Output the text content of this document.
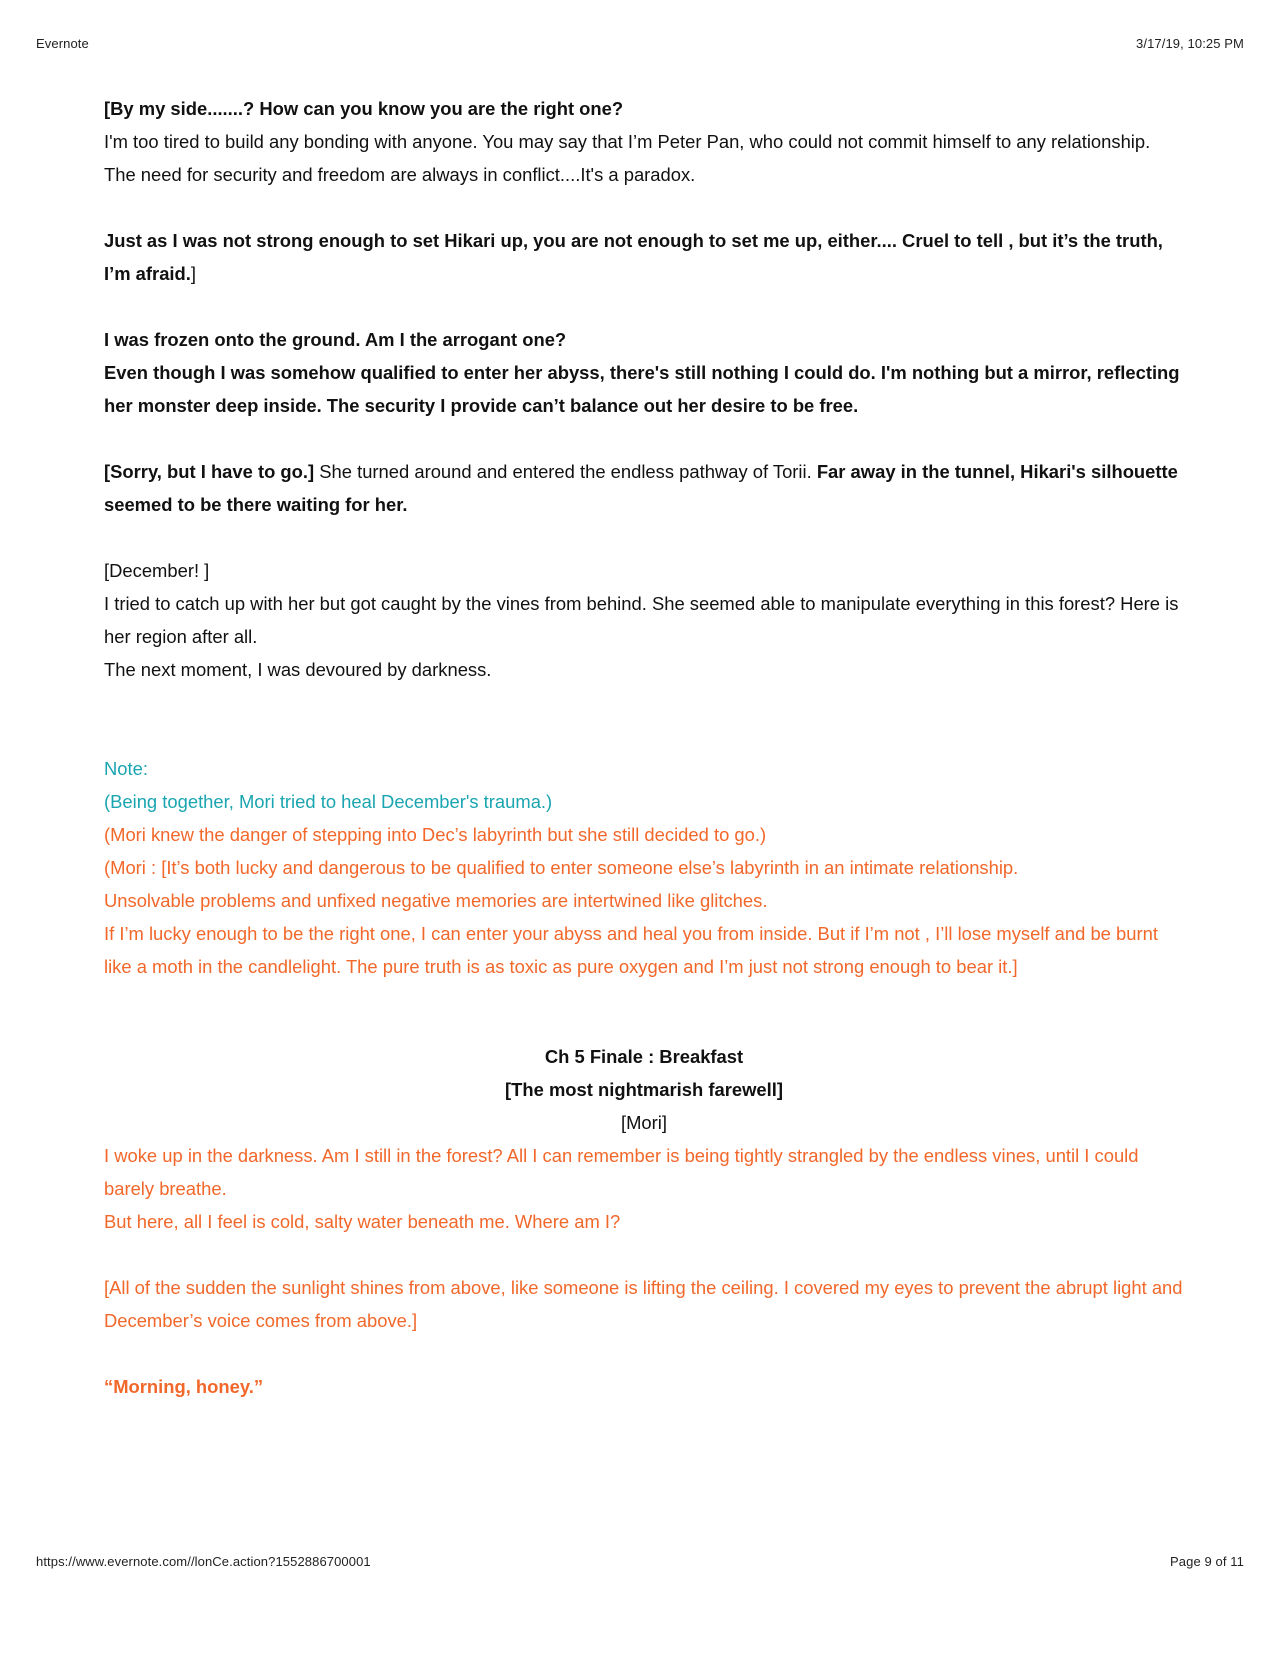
Evernote	3/17/19, 10:25 PM

[By my side.......? How can you know you are the right one?

I'm too tired to build any bonding with anyone. You may say that I’m Peter Pan, who could not commit himself to any relationship. The need for security and freedom are always in conflict....It's a paradox.

Just as I was not strong enough to set Hikari up, you are not enough to set me up, either.... Cruel to tell , but it’s the truth, I’m afraid.]

I was frozen onto the ground. Am I the arrogant one?

Even though I was somehow qualified to enter her abyss, there's still nothing I could do. I'm nothing but a mirror, reflecting her monster deep inside. The security I provide can’t balance out her desire to be free.

[Sorry, but I have to go.] She turned around and entered the endless pathway of Torii. Far away in the tunnel, Hikari's silhouette seemed to be there waiting for her.

[December! ]

I tried to catch up with her but got caught by the vines from behind. She seemed able to manipulate everything in this forest? Here is her region after all.

The next moment, I was devoured by darkness.

Note:

(Being together, Mori tried to heal December's trauma.)

(Mori knew the danger of stepping into Dec’s labyrinth but she still decided to go.)

(Mori : [It’s both lucky and dangerous to be qualified to enter someone else’s labyrinth in an intimate relationship.

Unsolvable problems and unfixed negative memories are intertwined like glitches.

If I’m lucky enough to be the right one, I can enter your abyss and heal you from inside. But if I’m not , I’ll lose myself and be burnt like a moth in the candlelight. The pure truth is as toxic as pure oxygen and I’m just not strong enough to bear it.]

Ch 5 Finale : Breakfast

[The most nightmarish farewell]

[Mori]

I woke up in the darkness. Am I still in the forest? All I can remember is being tightly strangled by the endless vines, until I could barely breathe.

But here, all I feel is cold, salty water beneath me. Where am I?

[All of the sudden the sunlight shines from above, like someone is lifting the ceiling. I covered my eyes to prevent the abrupt light and December’s voice comes from above.]

“Morning, honey.”

https://www.evernote.com//lonCe.action?1552886700001	Page 9 of 11
